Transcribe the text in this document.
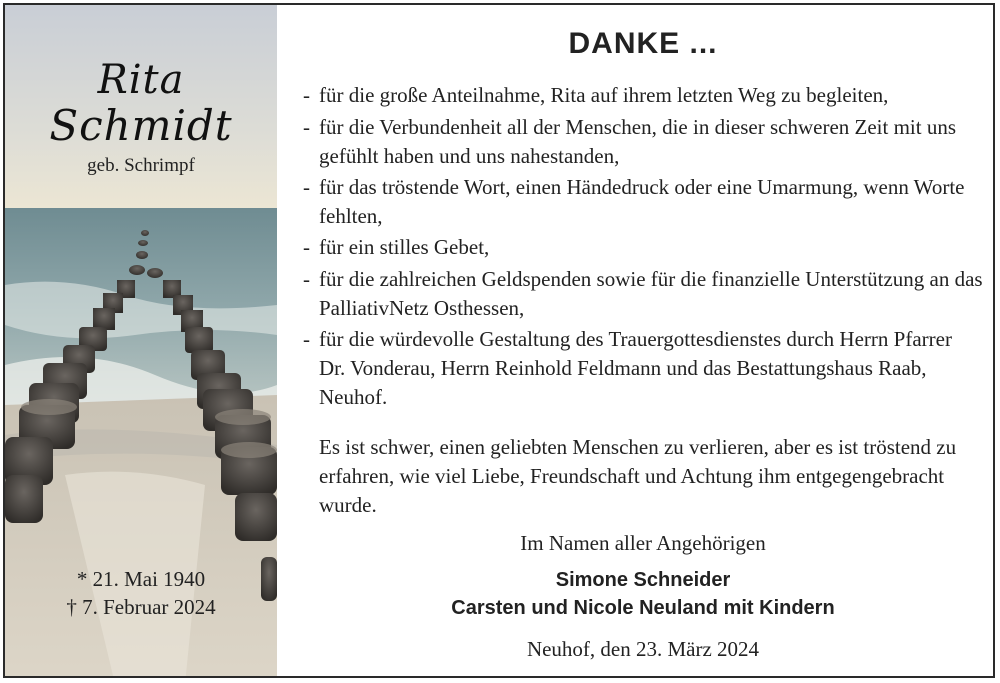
Rita
Schmidt
geb. Schrimpf
* 21. Mai 1940
† 7. Februar 2024
DANKE ...
- für die große Anteilnahme, Rita auf ihrem letzten Weg zu begleiten,
- für die Verbundenheit all der Menschen, die in dieser schweren Zeit mit uns gefühlt haben und uns nahestanden,
- für das tröstende Wort, einen Händedruck oder eine Umarmung, wenn Worte fehlten,
- für ein stilles Gebet,
- für die zahlreichen Geldspenden sowie für die finanzielle Unterstützung an das PalliativNetz Osthessen,
- für die würdevolle Gestaltung des Trauergottesdienstes durch Herrn Pfarrer Dr. Vonderau, Herrn Reinhold Feldmann und das Bestattungshaus Raab, Neuhof.
Es ist schwer, einen geliebten Menschen zu verlieren, aber es ist tröstend zu erfahren, wie viel Liebe, Freundschaft und Achtung ihm entgegengebracht wurde.
Im Namen aller Angehörigen
Simone Schneider
Carsten und Nicole Neuland mit Kindern
Neuhof, den 23. März 2024
